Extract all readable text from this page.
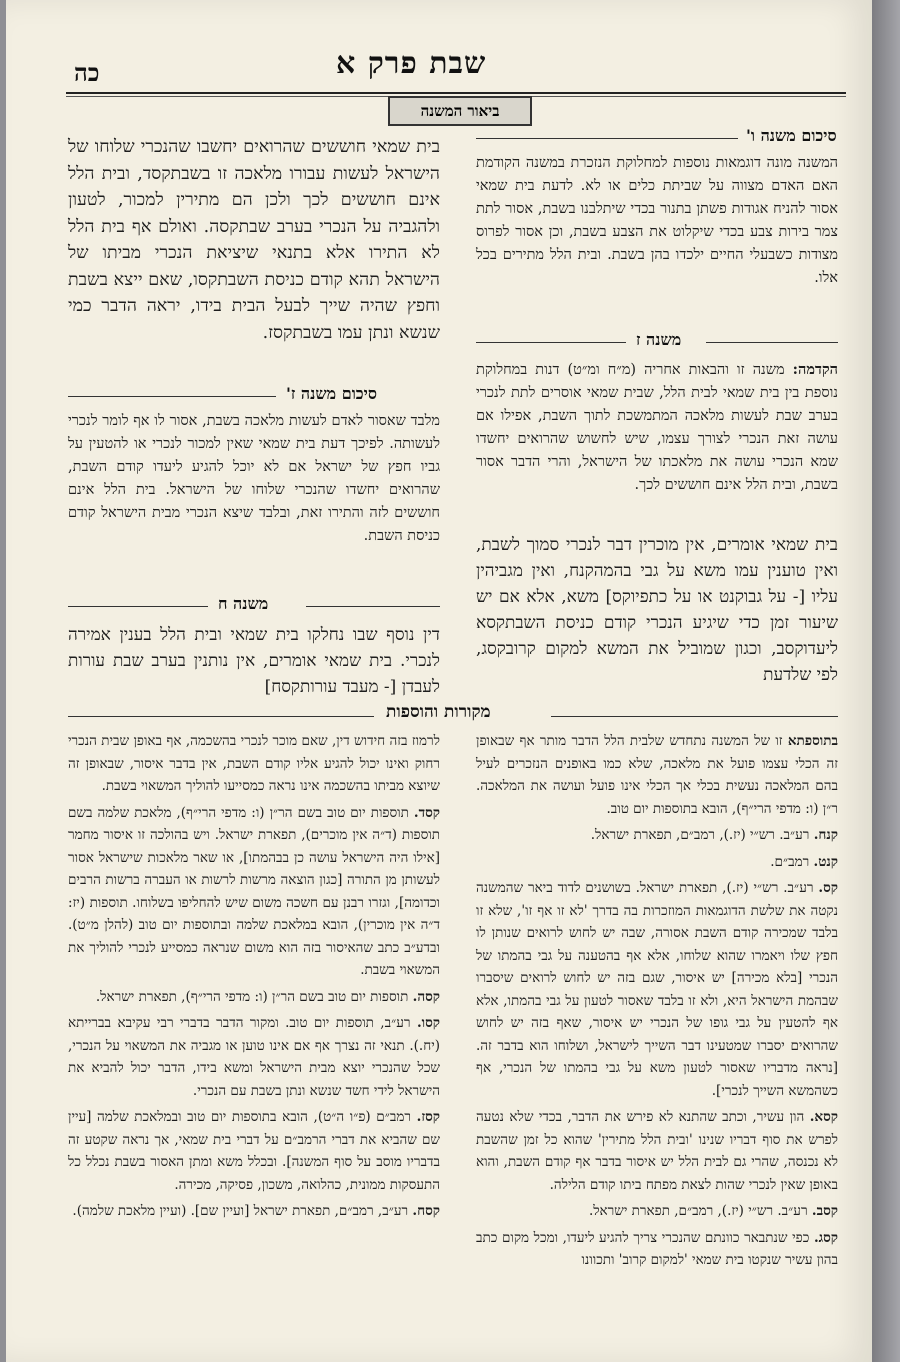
שבת פרק א
כה
ביאור המשנה
סיכום משנה ו'
המשנה מונה דוגמאות נוספות למחלוקת הנזכרת במשנה הקודמת האם האדם מצווה על שביתת כלים או לא. לדעת בית שמאי אסור להניח אגודות פשתן בתנור בכדי שיתלבנו בשבת, אסור לתת צמר בירות צבע בכדי שיקלוט את הצבע בשבת, וכן אסור לפרוס מצודות כשבעלי החיים ילכדו בהן בשבת. ובית הלל מתירים בכל אלו.
משנה ז
הקדמה: משנה זו והבאות אחריה (מ״ח ומ״ט) דנות במחלוקת נוספת בין בית שמאי לבית הלל, שבית שמאי אוסרים לתת לנכרי בערב שבת לעשות מלאכה המתמשכת לתוך השבת, אפילו אם עושה זאת הנכרי לצורך עצמו, שיש לחשוש שהרואים יחשדו שמא הנכרי עושה את מלאכתו של הישראל, והרי הדבר אסור בשבת, ובית הלל אינם חוששים לכך.
בית שמאי אומרים, אין מוכרין דבר לנכרי סמוך לשבת, ואין טוענין עמו משא על גבי בהמהקנח, ואין מגביהין עליו [- על גבוקנט או על כתפיוקס] משא, אלא אם יש שיעור זמן כדי שיגיע הנכרי קודם כניסת השבתקסא ליעדוקסב, וכגון שמוביל את המשא למקום קרובקסג, לפי שלדעת
בית שמאי חוששים שהרואים יחשבו שהנכרי שלוחו של הישראל לעשות עבורו מלאכה זו בשבתקסד, ובית הלל אינם חוששים לכך ולכן הם מתירין למכור, לטעון ולהגביה על הנכרי בערב שבתקסה. ואולם אף בית הלל לא התירו אלא בתנאי שיציאת הנכרי מביתו של הישראל תהא קודם כניסת השבתקסו, שאם ייצא בשבת וחפץ שהיה שייך לבעל הבית בידו, יראה הדבר כמי שנשא ונתן עמו בשבתקסז.
סיכום משנה ז'
מלבד שאסור לאדם לעשות מלאכה בשבת, אסור לו אף לומר לנכרי לעשותה. לפיכך דעת בית שמאי שאין למכור לנכרי או להטעין על גביו חפץ של ישראל אם לא יוכל להגיע ליעדו קודם השבת, שהרואים יחשדו שהנכרי שלוחו של הישראל. בית הלל אינם חוששים לזה והתירו זאת, ובלבד שיצא הנכרי מבית הישראל קודם כניסת השבת.
משנה ח
דין נוסף שבו נחלקו בית שמאי ובית הלל בענין אמירה לנכרי. בית שמאי אומרים, אין נותנין בערב שבת עורות לעבדן [- מעבד עורותקסח]
מקורות והוספות

בתוספתא זו של המשנה נתחדש שלבית הלל הדבר מותר אף שבאופן זה הכלי עצמו פועל את מלאכה, שלא כמו באופנים הנזכרים לעיל בהם המלאכה נעשית בכלי אך הכלי אינו פועל ועושה את המלאכה. ר״ן (ו: מדפי הרי״ף), הובא בתוספות יום טוב.

קנח. רע״ב. רש״י (יז.), רמב״ם, תפארת ישראל.

קנט. רמב״ם.

קס. רע״ב. רש״י (יז.), תפארת ישראל. בשושנים לדוד ביאר שהמשנה נקטה את שלשת הדוגמאות המוזכרות בה בדרך 'לא זו אף זו', שלא זו בלבד שמכירה קודם השבת אסורה, שבה יש לחוש לרואים שנותן לו חפץ שלו ויאמרו שהוא שלוחו, אלא אף בהטענה על גבי בהמתו של הנכרי [בלא מכירה] יש איסור, שגם בזה יש לחוש לרואים שיסברו שבהמת הישראל היא, ולא זו בלבד שאסור לטעון על גבי בהמתו, אלא אף להטעין על גבי גופו של הנכרי יש איסור, שאף בזה יש לחוש שהרואים יסברו שמטעינו דבר השייך לישראל, ושלוחו הוא בדבר זה. [נראה מדבריו שאסור לטעון משא על גבי בהמתו של הנכרי, אף כשהמשא השייך לנכרי].

קסא. הון עשיר, וכתב שהתנא לא פירש את הדבר, בכדי שלא נטעה לפרש את סוף דבריו שנינו 'ובית הלל מתירין' שהוא כל זמן שהשבת לא נכנסה, שהרי גם לבית הלל יש איסור בדבר אף קודם השבת, והוא באופן שאין לנכרי שהות לצאת מפתח ביתו קודם הלילה.

קסב. רע״ב. רש״י (יז.), רמב״ם, תפארת ישראל.

קסג. כפי שנתבאר כוונתם שהנכרי צריך להגיע ליעדו, ומכל מקום כתב בהון עשיר שנקטו בית שמאי 'למקום קרוב' ותכוונו

לרמוז בזה חידוש דין, שאם מוכר לנכרי בהשכמה, אף באופן שבית הנכרי רחוק ואינו יכול להגיע אליו קודם השבת, אין בדבר איסור, שבאופן זה שיוצא מביתו בהשכמה אינו נראה כמסייעו להוליך המשאוי בשבת.

קסד. תוספות יום טוב בשם הר״ן (ו: מדפי הרי״ף), מלאכת שלמה בשם תוספות (ד״ה אין מוכרים), תפארת ישראל. ויש בהולכה זו איסור מחמר [אילו היה הישראל עושה כן בבהמתו], או שאר מלאכות שישראל אסור לעשותן מן התורה [כגון הוצאה מרשות לרשות או העברה ברשות הרבים וכדומה], וגזרו רבנן עם חשכה משום שיש להחליפו בשלוחו. תוספות (יז: ד״ה אין מוכרין), הובא במלאכת שלמה ובתוספות יום טוב (להלן מ״ט). ובדע״ב כתב שהאיסור בזה הוא משום שנראה כמסייע לנכרי להוליך את המשאוי בשבת.

קסה. תוספות יום טוב בשם הר״ן (ו: מדפי הרי״ף), תפארת ישראל.

קסו. רע״ב, תוספות יום טוב. ומקור הדבר בדברי רבי עקיבא בברייתא (יח.). תנאי זה נצרך אף אם אינו טוען או מגביה את המשאוי על הנכרי, שכל שהנכרי יוצא מבית הישראל ומשא בידו, הדבר יכול להביא את הישראל לידי חשד שנשא ונתן בשבת עם הנכרי.

קסז. רמב״ם (פ״ו ה״ט), הובא בתוספות יום טוב ובמלאכת שלמה [עיין שם שהביא את דברי הרמב״ם על דברי בית שמאי, אך נראה שקטע זה בדבריו מוסב על סוף המשנה]. ובכלל משא ומתן האסור בשבת נכלל כל התעסקות ממונית, כהלואה, משכון, פסיקה, מכירה.

קסח. רע״ב, רמב״ם, תפארת ישראל [ועיין שם]. (ועיין מלאכת שלמה).
